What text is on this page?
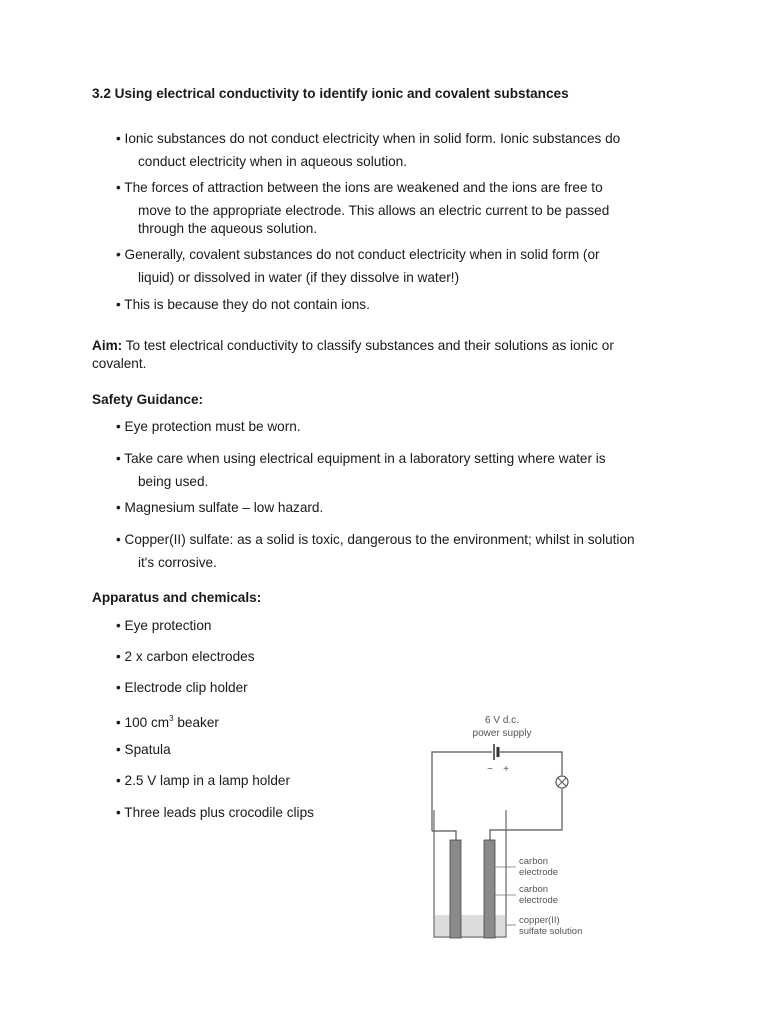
3.2 Using electrical conductivity to identify ionic and covalent substances
• Ionic substances do not conduct electricity when in solid form. Ionic substances do
conduct electricity when in aqueous solution.
• The forces of attraction between the ions are weakened and the ions are free to
move to the appropriate electrode. This allows an electric current to be passed
through the aqueous solution.
• Generally, covalent substances do not conduct electricity when in solid form (or
liquid) or dissolved in water (if they dissolve in water!)
• This is because they do not contain ions.
Aim: To test electrical conductivity to classify substances and their solutions as ionic or
covalent.
Safety Guidance:
• Eye protection must be worn.
• Take care when using electrical equipment in a laboratory setting where water is
being used.
• Magnesium sulfate – low hazard.
• Copper(II) sulfate: as a solid is toxic, dangerous to the environment; whilst in solution
it's corrosive.
Apparatus and chemicals:
• Eye protection
• 2 x carbon electrodes
• Electrode clip holder
• 100 $cm^3$ beaker
• Spatula
• 2.5 V lamp in a lamp holder
• Three leads plus crocodile clips
6 V d.c.
power supply
− +
carbon
electrode
carbon
electrode
copper(II)
sulfate solution
